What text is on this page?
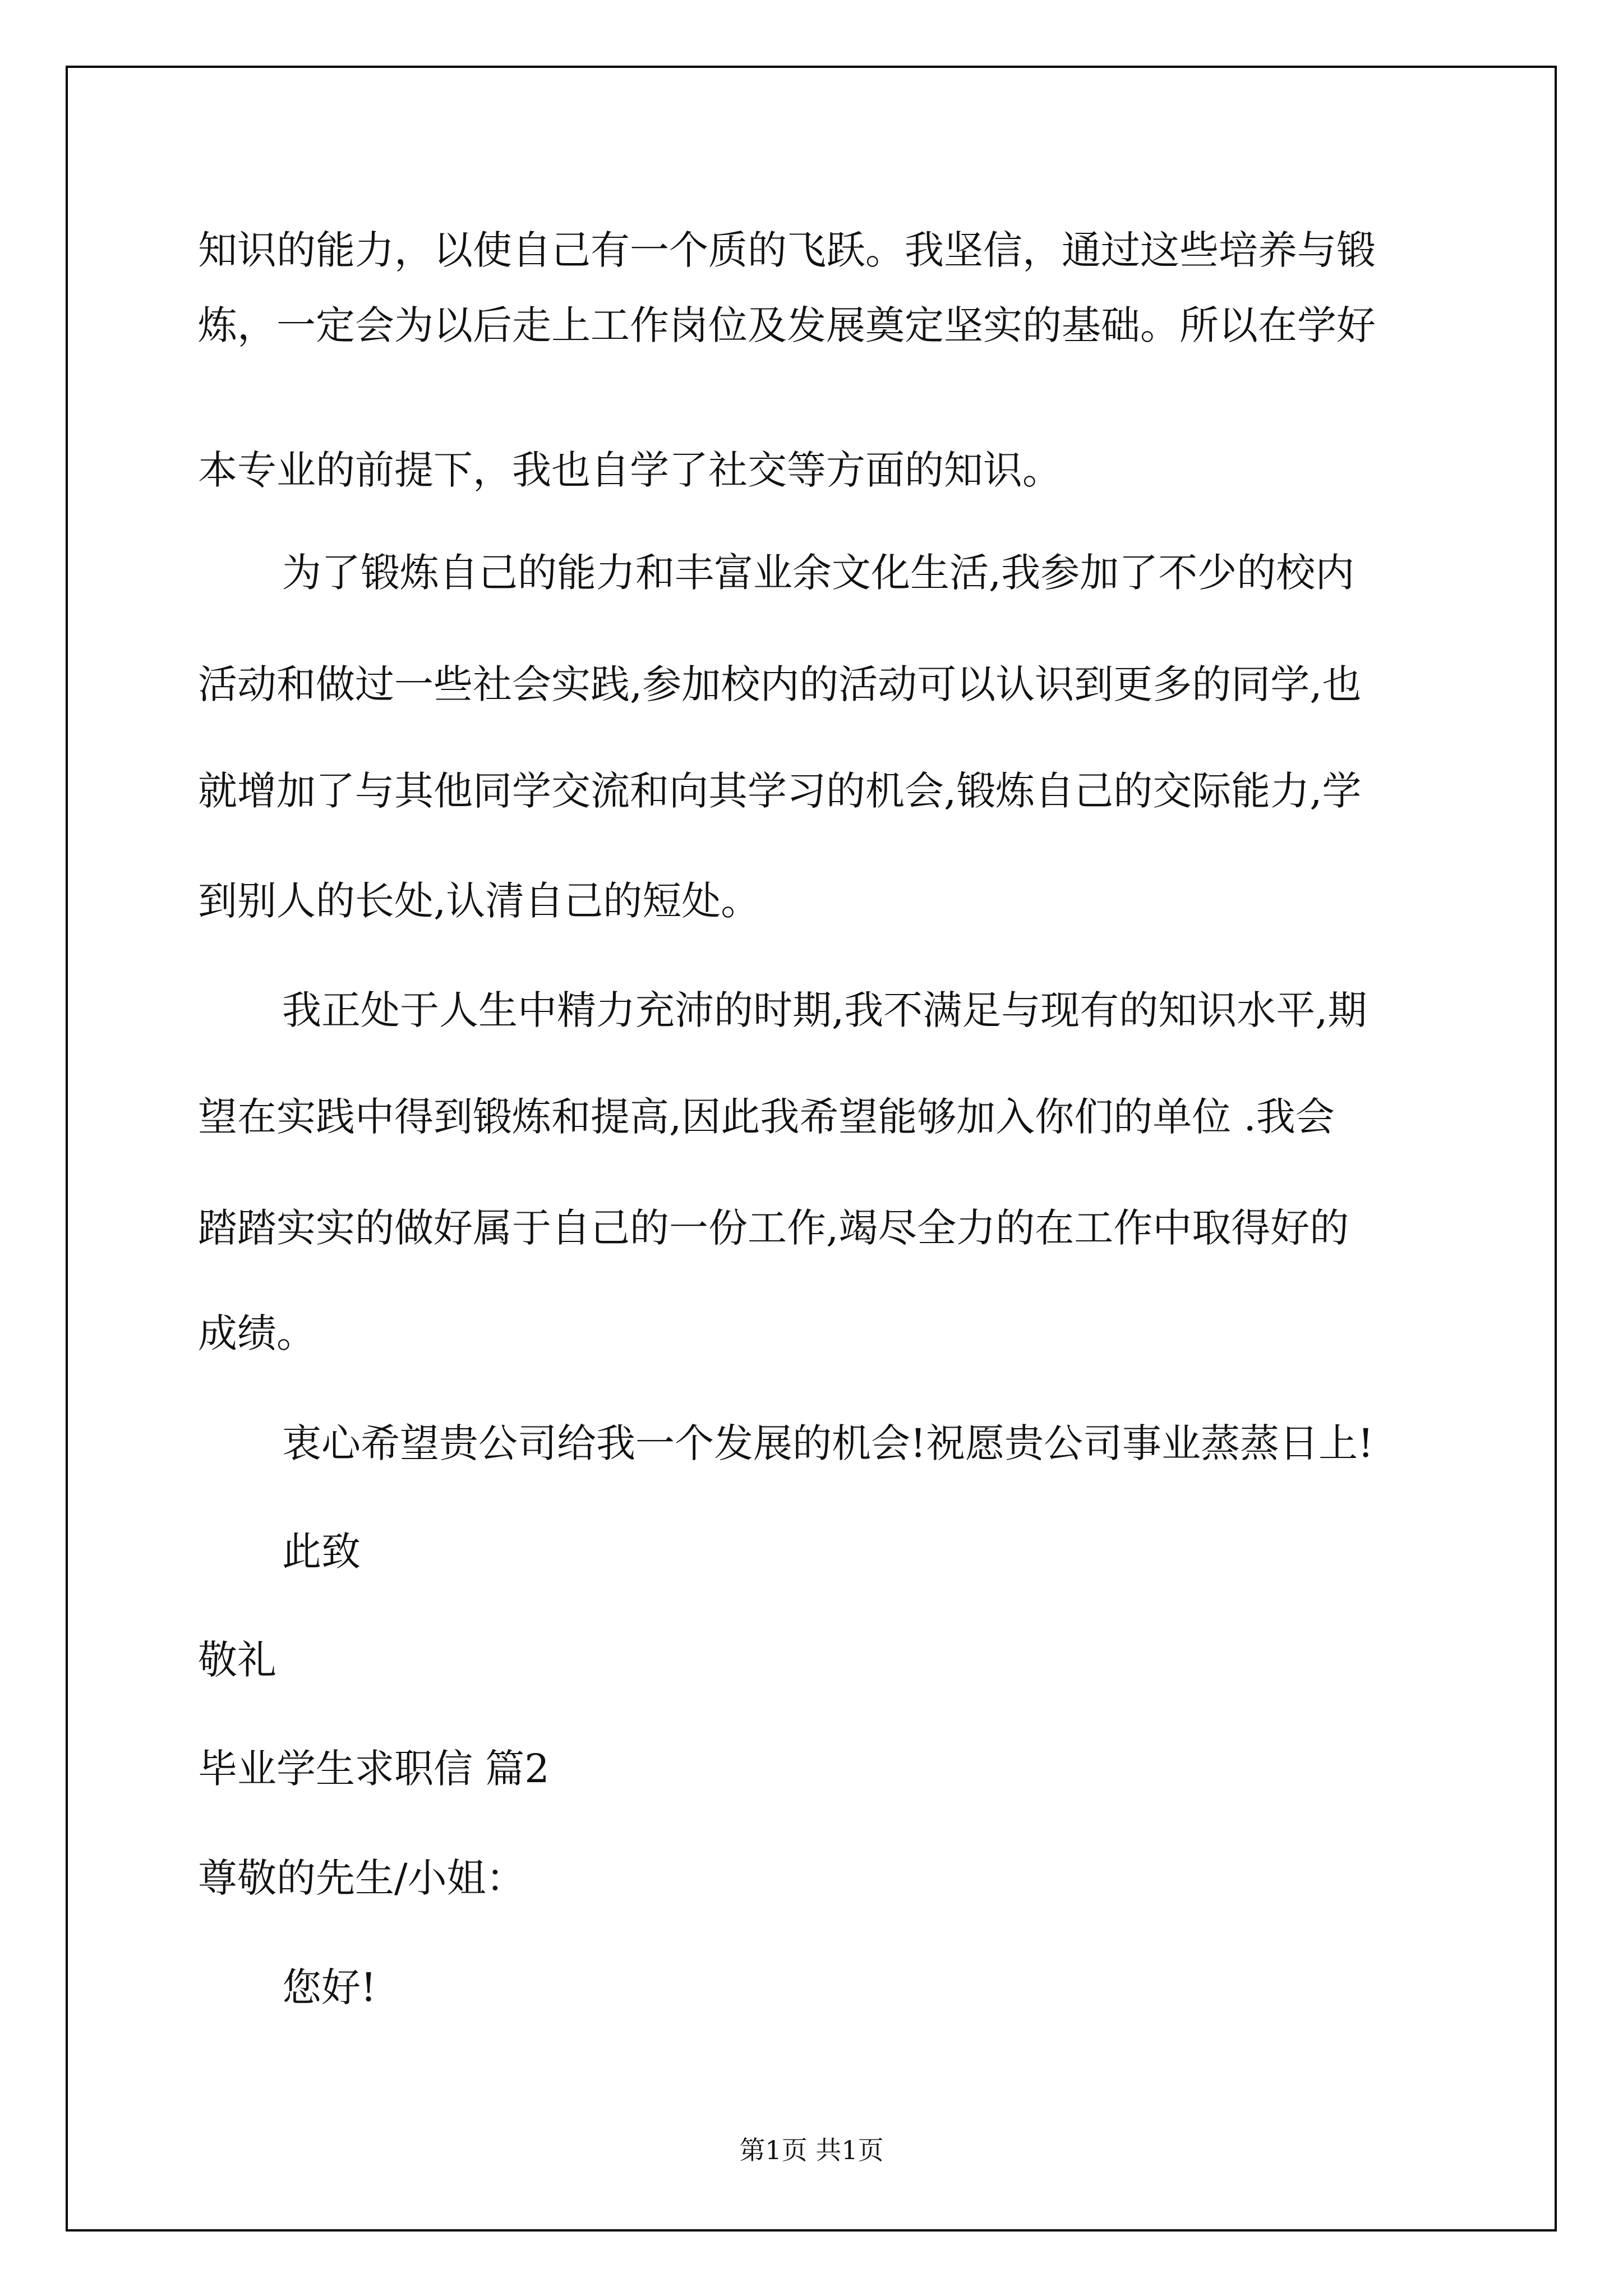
知识的能力，以使自己有一个质的飞跃。我坚信，通过这些培养与锻
炼，一定会为以后走上工作岗位及发展奠定坚实的基础。所以在学好
本专业的前提下，我也自学了社交等方面的知识。
为了锻炼自己的能力和丰富业余文化生活,我参加了不少的校内
活动和做过一些社会实践,参加校内的活动可以认识到更多的同学,也
就增加了与其他同学交流和向其学习的机会,锻炼自己的交际能力,学
到别人的长处,认清自己的短处。
我正处于人生中精力充沛的时期,我不满足与现有的知识水平,期
望在实践中得到锻炼和提高,因此我希望能够加入你们的单位 .我会
踏踏实实的做好属于自己的一份工作,竭尽全力的在工作中取得好的
成绩。
衷心希望贵公司给我一个发展的机会!祝愿贵公司事业蒸蒸日上!
此致
敬礼
毕业学生求职信 篇2
尊敬的先生/小姐：
您好!
第1页 共1页
